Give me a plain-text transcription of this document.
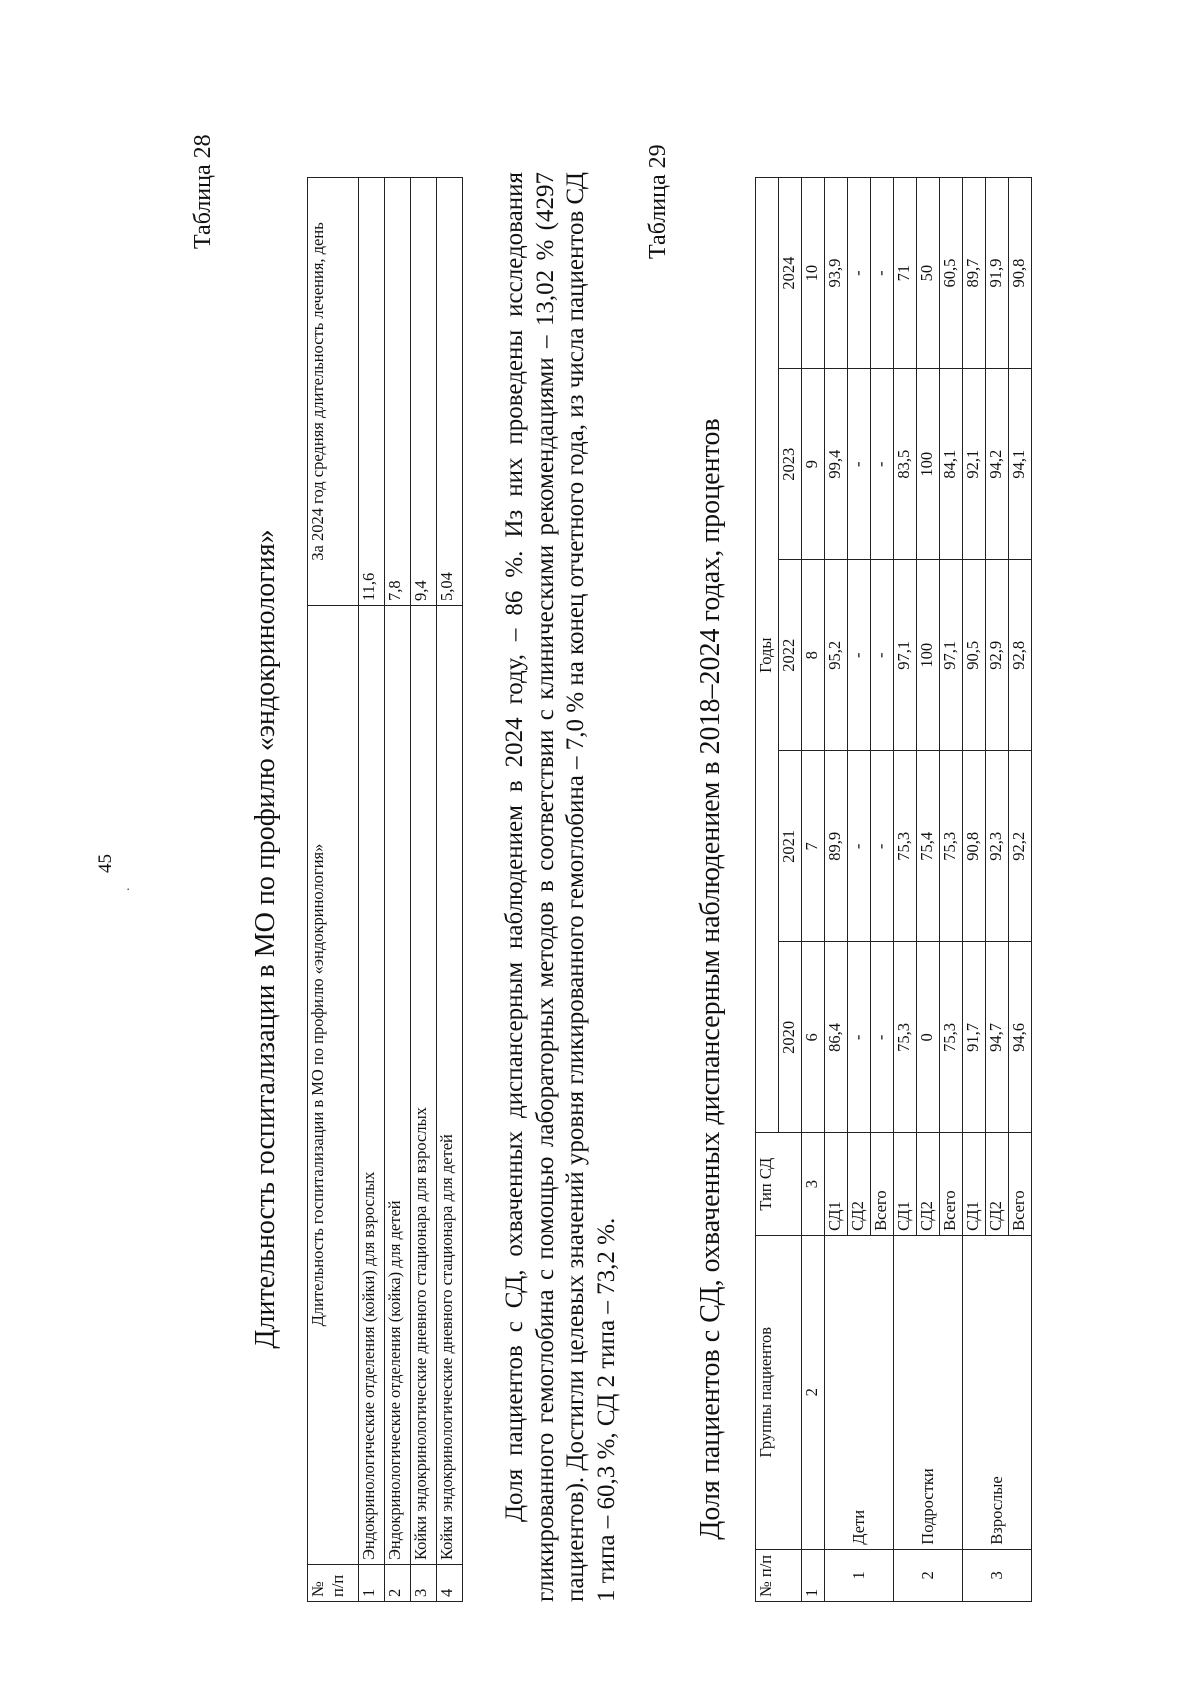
45
.
Таблица 28
Длительность госпитализации в МО по профилю «эндокринология»
№ п/п	Длительность госпитализации в МО по профилю «эндокринология»	За 2024 год средняя длительность лечения, день
1	Эндокринологические отделения (койки) для взрослых	11,6
2	Эндокринологические отделения (койка) для детей	7,8
3	Койки эндокринологические дневного стационара для взрослых	9,4
4	Койки эндокринологические дневного стационара для детей	5,04 Доля пациентов с СД, охваченных диспансерным наблюдением в 2024 году, – 86 %. Из них проведены исследования гликированного гемоглобина с помощью лабораторных методов в соответствии с клиническими рекомендациями – 13,02 % (4297 пациентов). Достигли целевых значений уровня гликированного гемоглобина – 7,0 % на конец отчетного года, из числа пациентов СД 1 типа – 60,3 %, СД 2 типа – 73,2 %.

Таблица 29
Доля пациентов с СД, охваченных диспансерным наблюдением в 2018–2024 годах, процентов
№ п/п	Группы пациентов	Тип СД	Годы				
			2020	2021	2022	2023	2024
1	2	3	6	7	8	9	10
1	Дети	СД1	86,4	89,9	95,2	99,4	93,9
		СД2	-	-	-	-	-
		Всего	-	-	-	-	-
2	Подростки	СД1	75,3	75,3	97,1	83,5	71
		СД2	0	75,4	100	100	50
		Всего	75,3	75,3	97,1	84,1	60,5
3	Взрослые	СД1	91,7	90,8	90,5	92,1	89,7
		СД2	94,7	92,3	92,9	94,2	91,9
		Всего	94,6	92,2	92,8	94,1	90,8
